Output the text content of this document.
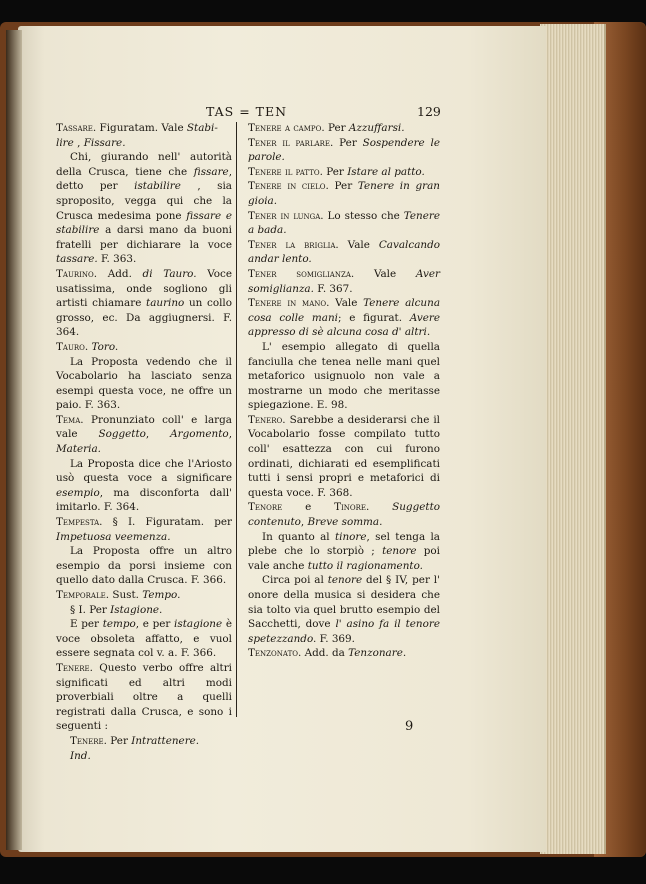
TAS = TEN	129

Tassare. Figuratam. Vale Stabi-

lire , Fissare.

Chi, giurando nell' autorità della Crusca, tiene che fissare, detto per istabilire , sia sproposito, vegga qui che la Crusca medesima pone fissare e stabilire a darsi mano da buoni fratelli per dichiarare la voce tassare. F. 363.

Taurino. Add. di Tauro. Voce usatissima, onde sogliono gli artisti chiamare taurino un collo grosso, ec. Da aggiugnersi. F. 364.

Tauro. Toro.

La Proposta vedendo che il Vocabolario ha lasciato senza esempi questa voce, ne offre un paio. F. 363.

Tema. Pronunziato coll' e larga vale Soggetto, Argomento, Materia.

La Proposta dice che l'Ariosto usò questa voce a significare esempio, ma disconforta dall' imitarlo. F. 364.

Tempesta. § I. Figuratam. per Impetuosa veemenza.

La Proposta offre un altro esempio da porsi insieme con quello dato dalla Crusca. F. 366.

Temporale. Sust. Tempo.

§ I. Per Istagione.

E per tempo, e per istagione è voce obsoleta affatto, e vuol essere segnata col v. a. F. 366.

Tenere. Questo verbo offre altri significati ed altri modi proverbiali oltre a quelli registrati dalla Crusca, e sono i seguenti :

Tenere. Per Intrattenere.

Ind.

Tenere a campo. Per Azzuffarsi.

Tener il parlare. Per Sospendere le parole.

Tenere il patto. Per Istare al patto.

Tenere in cielo. Per Tenere in gran gioia.

Tener in lunga. Lo stesso che Tenere a bada.

Tener la briglia. Vale Cavalcando andar lento.

Tener somiglianza. Vale Aver somiglianza. F. 367.

Tenere in mano. Vale Tenere alcuna cosa colle mani; e figurat. Avere appresso di sè alcuna cosa d' altri.

L' esempio allegato di quella fanciulla che tenea nelle mani quel metaforico usignuolo non vale a mostrarne un modo che meritasse spiegazione. E. 98.

Tenero. Sarebbe a desiderarsi che il Vocabolario fosse compilato tutto coll' esattezza con cui furono ordinati, dichiarati ed esemplificati tutti i sensi propri e metaforici di questa voce. F. 368.

Tenore e Tinore. Suggetto contenuto, Breve somma.

In quanto al tinore, sel tenga la plebe che lo storpiò ; tenore poi vale anche tutto il ragionamento.

Circa poi al tenore del § IV, per l' onore della musica si desidera che sia tolto via quel brutto esempio del Sacchetti, dove l' asino fa il tenore spetezzando. F. 369.

Tenzonato. Add. da Tenzonare.

9
